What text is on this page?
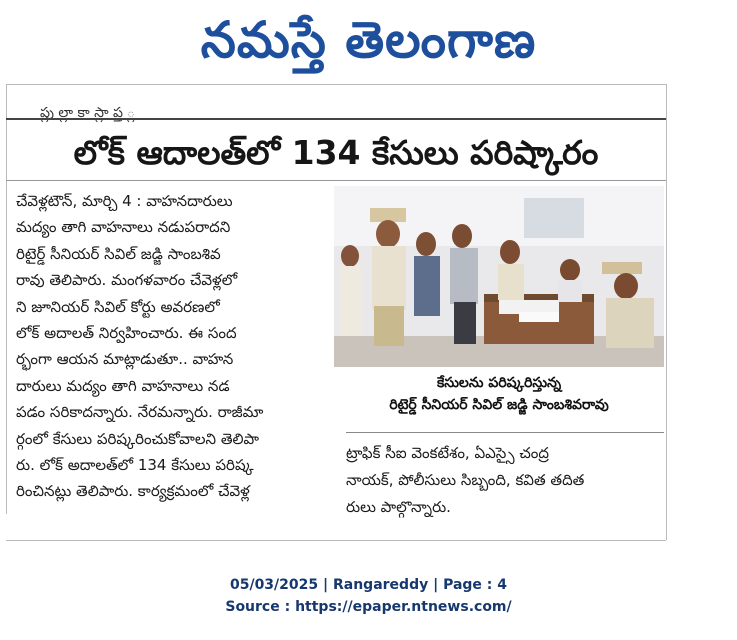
నమస్తే తెలంగాణ
ప్లు ల్లా కా స్లా ప్త ్ల
లోక్ ఆదాలత్‌లో 134 కేసులు పరిష్కారం
చేవెళ్లటౌన్, మార్చి 4 : వాహనదారులు
మద్యం తాగి వాహనాలు నడుపరాదని
రిటైర్డ్ సీనియర్ సివిల్ జడ్జి సాంబశివ
రావు తెలిపారు. మంగళవారం చేవెళ్లలో
ని జూనియర్ సివిల్ కోర్టు అవరణలో
లోక్ అదాలత్ నిర్వహించారు. ఈ సంద
ర్భంగా ఆయన మాట్లాడుతూ.. వాహన
దారులు మద్యం తాగి వాహనాలు నడ
పడం సరికాదన్నారు. నేరమన్నారు. రాజీమా
ర్గంలో కేసులు పరిష్కరించుకోవాలని తెలిపా
రు. లోక్ అదాలత్‌లో 134 కేసులు పరిష్క
రించినట్లు తెలిపారు. కార్యక్రమంలో చేవెళ్ల
కేసులను పరిష్కరిస్తున్న
రిటైర్డ్ సీనియర్ సివిల్ జడ్జి సాంబశివరావు
ట్రాఫిక్ సీఐ వెంకటేశం, ఏఎస్సై చంద్ర
నాయక్, పోలీసులు సిబ్బంది, కవిత తదిత
రులు పాల్గొన్నారు.
05/03/2025 | Rangareddy | Page : 4
Source : https://epaper.ntnews.com/
